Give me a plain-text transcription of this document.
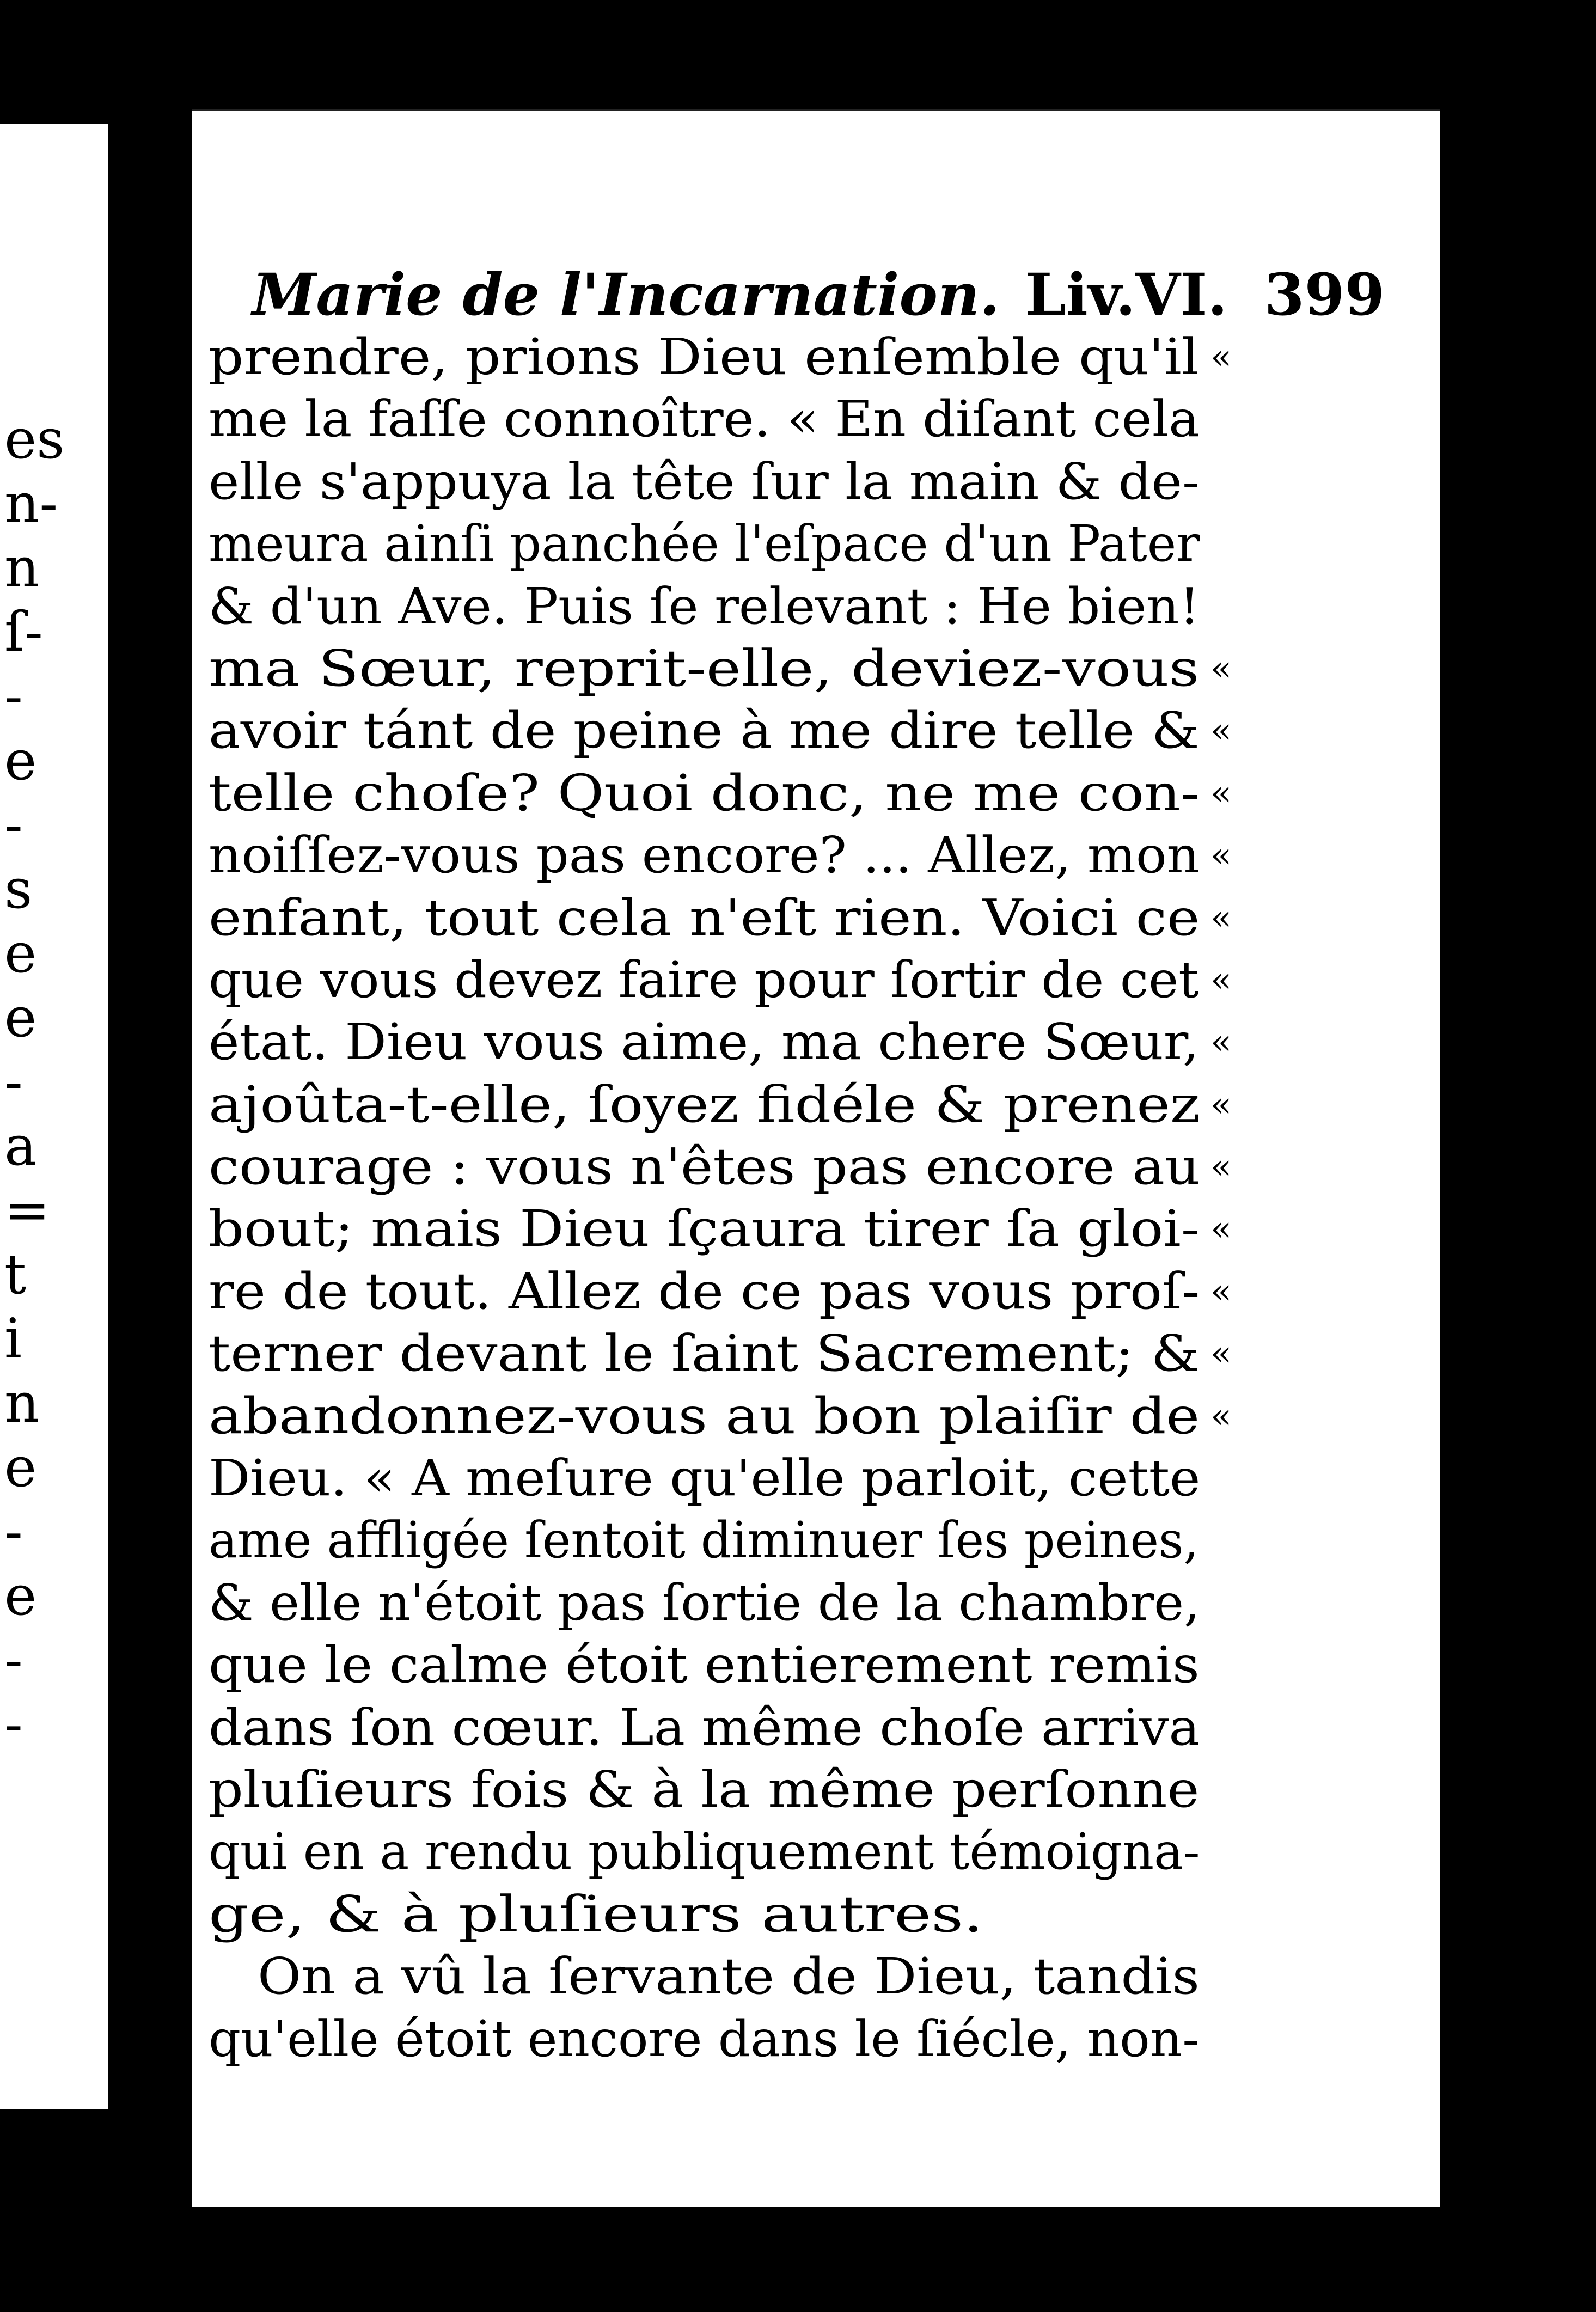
es
n-
n
ſ-
-
e
-
s
e
e
-
a
=
t
i
n
e
-
e
-
-
Marie de l'Incarnation. Liv.VI. 399
prendre, prions Dieu enſemble qu'il «
me la faſſe connoître. « En diſant cela
elle s'appuya la tête ſur la main & de-
meura ainſi panchée l'eſpace d'un Pater
& d'un Ave. Puis ſe relevant : He bien!
ma Sœur, reprit-elle, deviez-vous «
avoir tánt de peine à me dire telle & «
telle choſe? Quoi donc, ne me con- «
noiſſez-vous pas encore? ... Allez, mon «
enfant, tout cela n'eſt rien. Voici ce «
que vous devez faire pour ſortir de cet «
état. Dieu vous aime, ma chere Sœur, «
ajoûta-t-elle, ſoyez fidéle & prenez «
courage : vous n'êtes pas encore au «
bout; mais Dieu ſçaura tirer ſa gloi- «
re de tout. Allez de ce pas vous proſ- «
terner devant le ſaint Sacrement; & «
abandonnez-vous au bon plaiſir de «
Dieu. « A meſure qu'elle parloit, cette
ame affligée ſentoit diminuer ſes peines,
& elle n'étoit pas ſortie de la chambre,
que le calme étoit entierement remis
dans ſon cœur. La même choſe arriva
pluſieurs fois & à la même perſonne
qui en a rendu publiquement témoigna-
ge, & à pluſieurs autres.
On a vû la ſervante de Dieu, tandis
qu'elle étoit encore dans le ſiécle, non-
